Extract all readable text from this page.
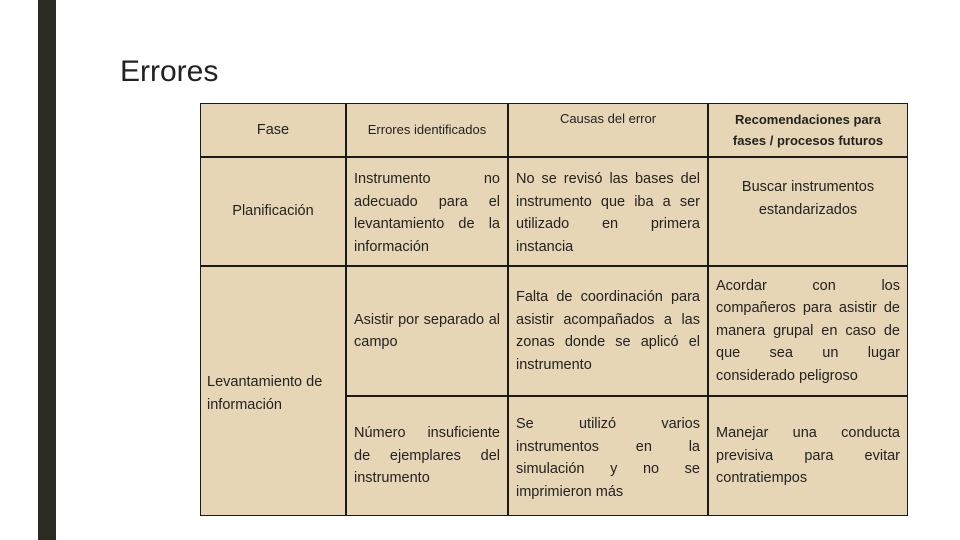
Errores
Fase	Errores identificados
Causas del error	Recomendaciones para fases / procesos futuros
Planificación
Instrumento no adecuado para el levantamiento de la información
No se revisó las bases del instrumento que iba a ser utilizado en primera instancia
Buscar instrumentos estandarizados
Levantamiento de información
Asistir por separado al campo
Falta de coordinación para asistir acompañados a las zonas donde se aplicó el instrumento
Acordar con los compañeros para asistir de manera grupal en caso de que sea un lugar considerado peligroso
Número insuficiente de ejemplares del instrumento
Se utilizó varios instrumentos en la simulación y no se imprimieron más
Manejar una conducta previsiva para evitar contratiempos
